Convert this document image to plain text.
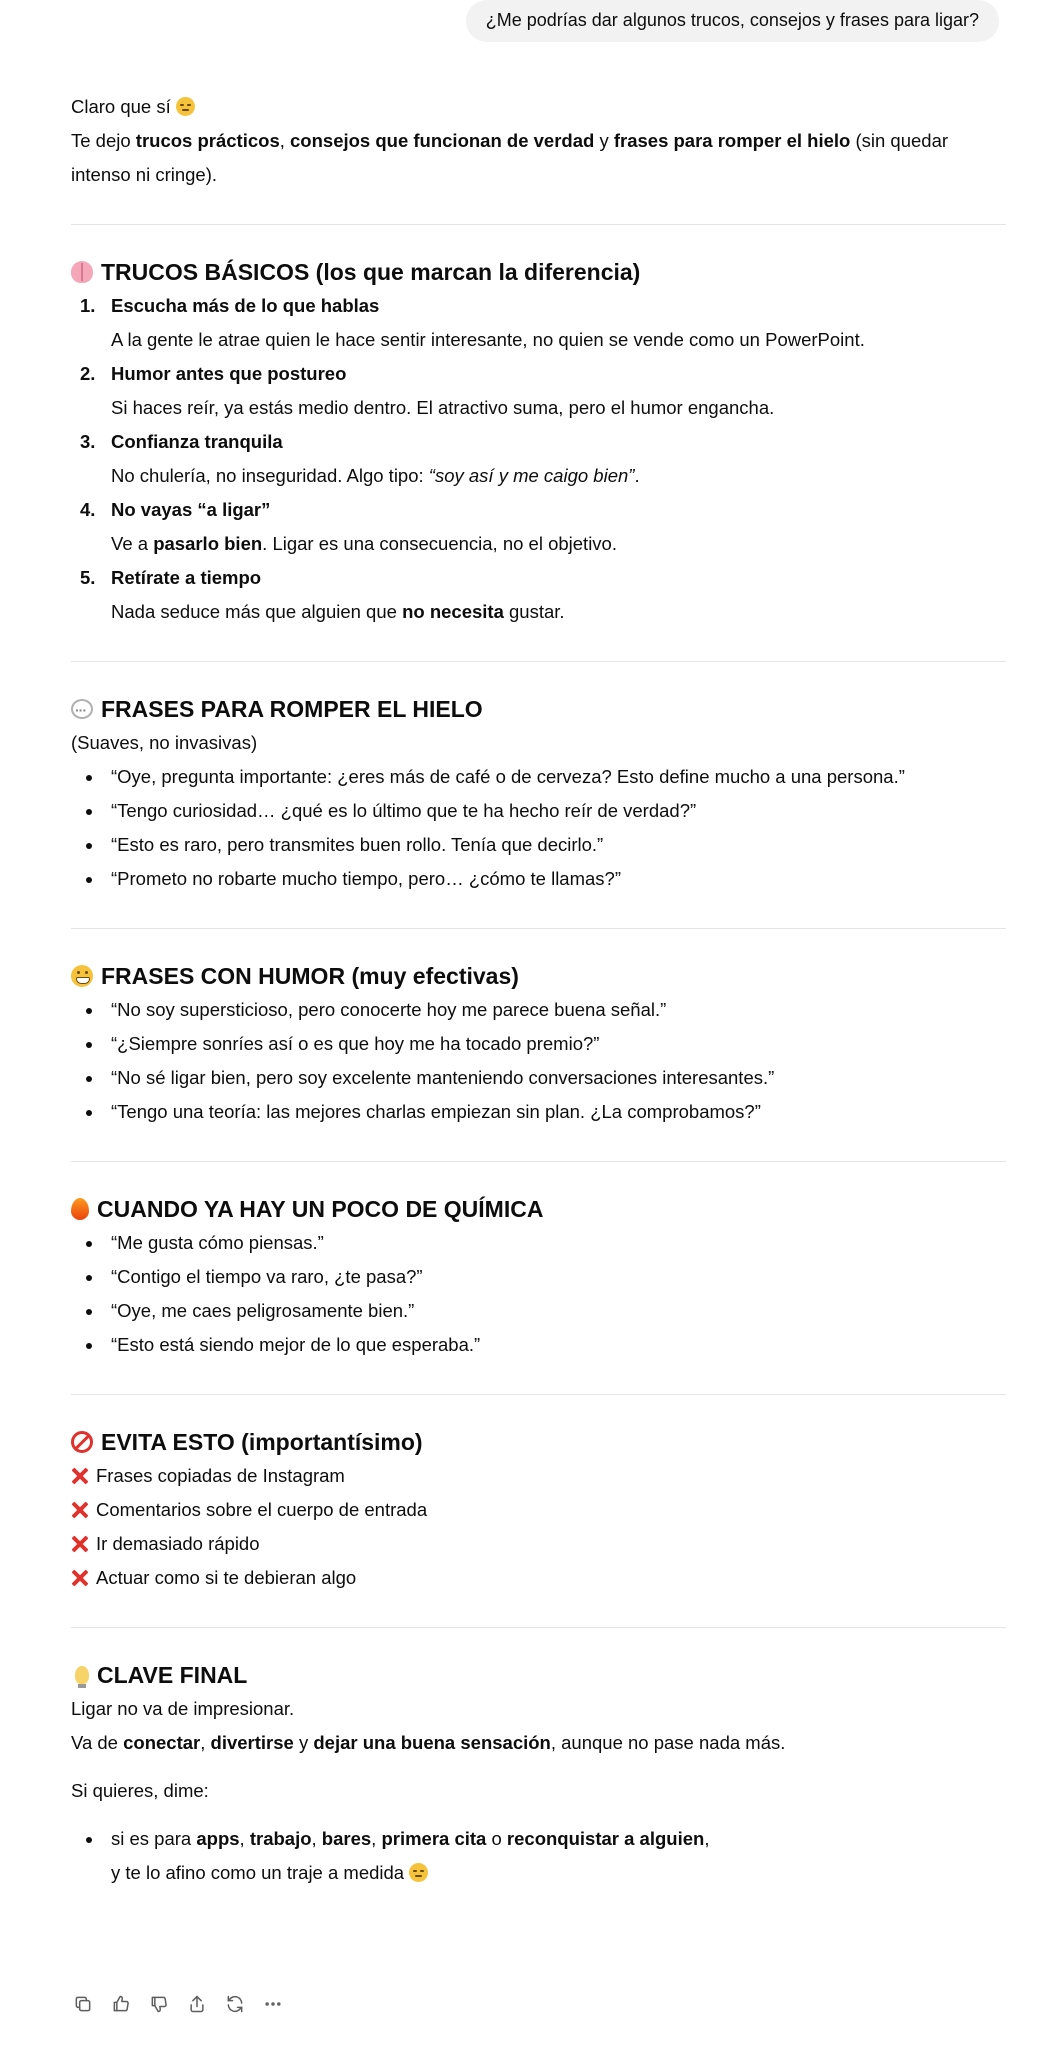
¿Me podrías dar algunos trucos, consejos y frases para ligar?

Claro que sí

Te dejo trucos prácticos, consejos que funcionan de verdad y frases para romper el hielo (sin quedar intenso ni cringe).

TRUCOS BÁSICOS (los que marcan la diferencia)
1. Escucha más de lo que hablas
A la gente le atrae quien le hace sentir interesante, no quien se vende como un PowerPoint.
2. Humor antes que postureo
Si haces reír, ya estás medio dentro. El atractivo suma, pero el humor engancha.
3. Confianza tranquila
No chulería, no inseguridad. Algo tipo: “soy así y me caigo bien”.
4. No vayas “a ligar”
Ve a pasarlo bien. Ligar es una consecuencia, no el objetivo.
5. Retírate a tiempo
Nada seduce más que alguien que no necesita gustar.
···
FRASES PARA ROMPER EL HIELO

(Suaves, no invasivas)

“Oye, pregunta importante: ¿eres más de café o de cerveza? Esto define mucho a una persona.”
“Tengo curiosidad… ¿qué es lo último que te ha hecho reír de verdad?”
“Esto es raro, pero transmites buen rollo. Tenía que decirlo.”
“Prometo no robarte mucho tiempo, pero… ¿cómo te llamas?”
FRASES CON HUMOR (muy efectivas)
“No soy supersticioso, pero conocerte hoy me parece buena señal.”
“¿Siempre sonríes así o es que hoy me ha tocado premio?”
“No sé ligar bien, pero soy excelente manteniendo conversaciones interesantes.”
“Tengo una teoría: las mejores charlas empiezan sin plan. ¿La comprobamos?”
CUANDO YA HAY UN POCO DE QUÍMICA
“Me gusta cómo piensas.”
“Contigo el tiempo va raro, ¿te pasa?”
“Oye, me caes peligrosamente bien.”
“Esto está siendo mejor de lo que esperaba.”
EVITA ESTO (importantísimo)
Frases copiadas de Instagram
Comentarios sobre el cuerpo de entrada
Ir demasiado rápido
Actuar como si te debieran algo
CLAVE FINAL

Ligar no va de impresionar.

Va de conectar, divertirse y dejar una buena sensación, aunque no pase nada más.

Si quieres, dime:

si es para apps, trabajo, bares, primera cita o reconquistar a alguien,
y te lo afino como un traje a medida
